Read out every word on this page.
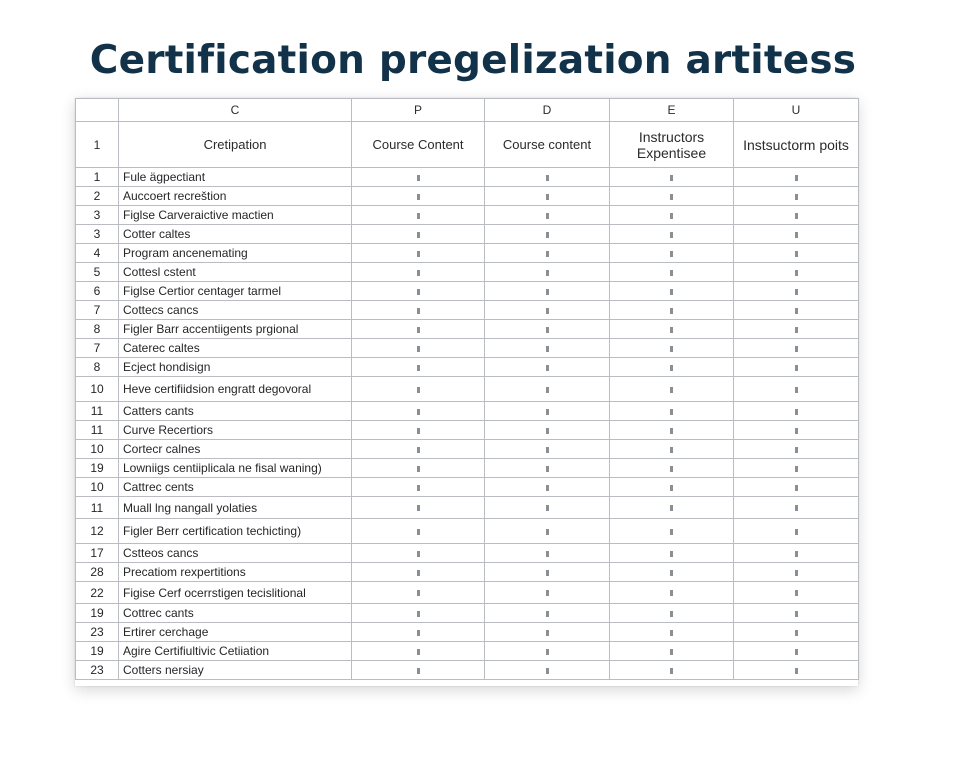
Certification pregelization artitess
	C	P	D	E	U
1	Cretipation	Course Content	Course content	Instructors Expentisee	Instsuctorm poits
1	Fule ägpectiant				
2	Auccoert recreštion				
3	Figlse Carveraictive mactien				
3	Cotter caltes				
4	Program ancenemating				
5	Cottesl cstent				
6	Figlse Certior centager tarmel				
7	Cottecs cancs				
8	Figler Barr accentiigents prgional				
7	Caterec caltes				
8	Ecject hondisign				
10	Heve certifiidsion engratt degovoral				
11	Catters cants				
11	Curve Recertiors				
10	Cortecr calnes				
19	Lowniigs centiiplicala ne fisal waning)				
10	Cattrec cents				
11	Muall lng nangall yolaties				
12	Figler Berr certification techicting)				
17	Cstteos cancs				
28	Precatiom rexpertitions				
22	Figise Cerf ocerrstigen tecislitional				
19	Cottrec cants				
23	Ertirer cerchage				
19	Agire Certifiultivic Cetiiation				
23	Cotters nersiay				
